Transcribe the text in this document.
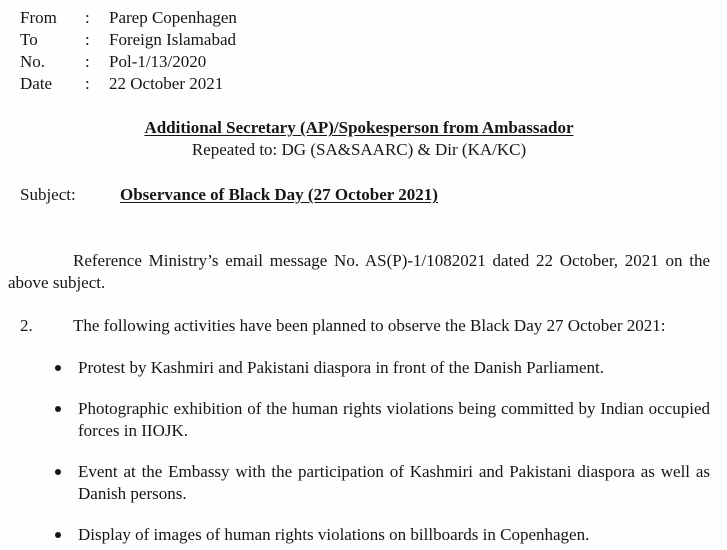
From	:	Parep Copenhagen
To	:	Foreign Islamabad
No.	:	Pol-1/13/2020
Date	:	22 October 2021
Additional Secretary (AP)/Spokesperson from Ambassador
Repeated to: DG (SA&SAARC) & Dir (KA/KC)
Subject:	Observance of Black Day (27 October 2021)

Reference Ministry’s email message No. AS(P)-1/1082021 dated 22 October, 2021 on the above subject.

2.	The following activities have been planned to observe the Black Day 27 October 2021:
Protest by Kashmiri and Pakistani diaspora in front of the Danish Parliament.
Photographic exhibition of the human rights violations being committed by Indian occupied forces in IIOJK.
Event at the Embassy with the participation of Kashmiri and Pakistani diaspora as well as Danish persons.
Display of images of human rights violations on billboards in Copenhagen.
